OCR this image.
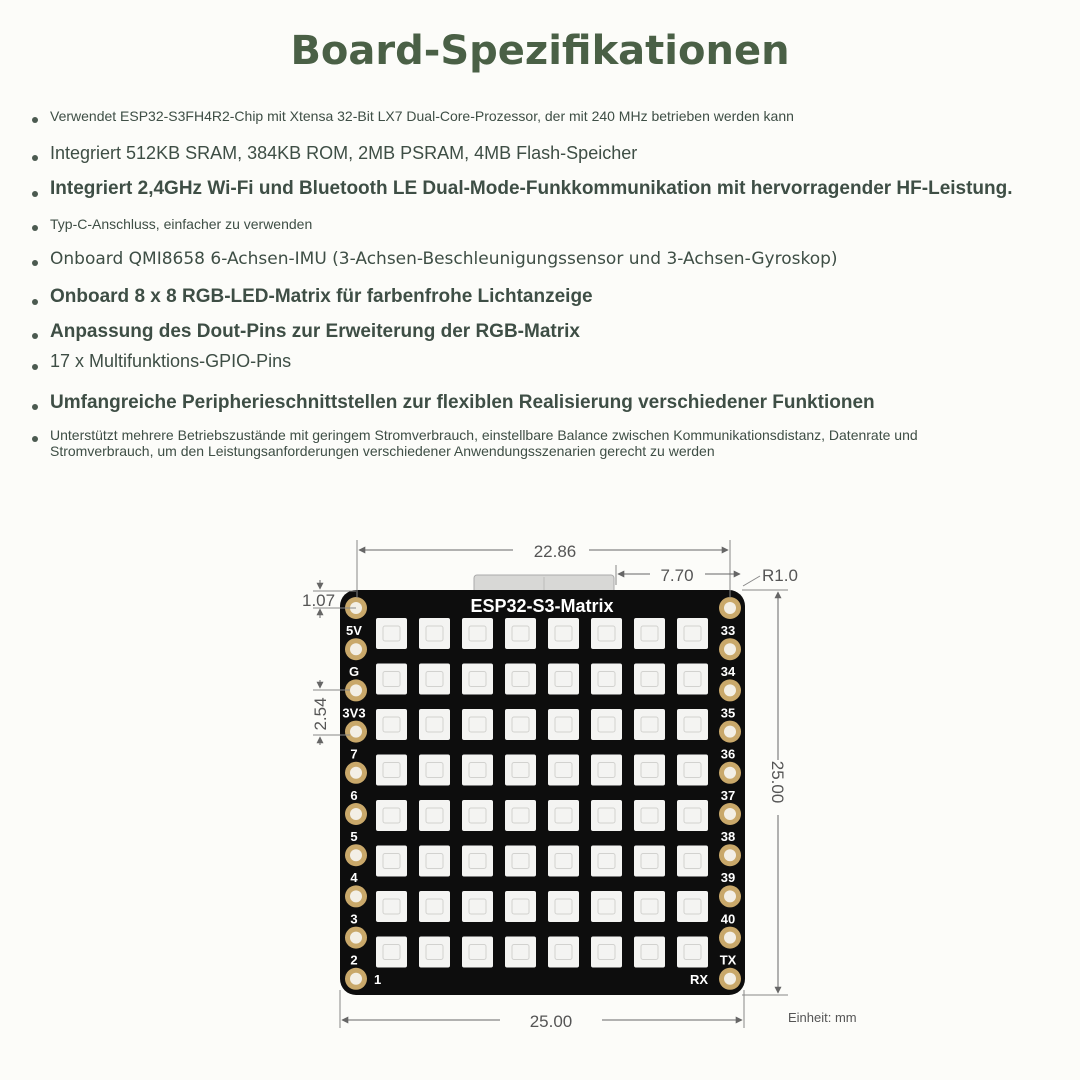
Board-Spezifikationen
Verwendet ESP32-S3FH4R2-Chip mit Xtensa 32-Bit LX7 Dual-Core-Prozessor, der mit 240 MHz betrieben werden kann
Integriert 512KB SRAM, 384KB ROM, 2MB PSRAM, 4MB Flash-Speicher
Integriert 2,4GHz Wi-Fi und Bluetooth LE Dual-Mode-Funkkommunikation mit hervorragender HF-Leistung.
Typ-C-Anschluss, einfacher zu verwenden
Onboard QMI8658 6-Achsen-IMU (3-Achsen-Beschleunigungssensor und 3-Achsen-Gyroskop)
Onboard 8 x 8 RGB-LED-Matrix für farbenfrohe Lichtanzeige
Anpassung des Dout-Pins zur Erweiterung der RGB-Matrix
17 x Multifunktions-GPIO-Pins
Umfangreiche Peripherieschnittstellen zur flexiblen Realisierung verschiedener Funktionen
Unterstützt mehrere Betriebszustände mit geringem Stromverbrauch, einstellbare Balance zwischen Kommunikationsdistanz, Datenrate und Stromverbrauch, um den Leistungsanforderungen verschiedener Anwendungsszenarien gerecht zu werden
ESP32-S3-Matrix
5V
G
3V3
7
6
5
4
3
2
1
33
34
35
36
37
38
39
40
TX
RX
22.86
7.70	R1.0
1.07
2.54
25.00
25.00	Einheit: mm
